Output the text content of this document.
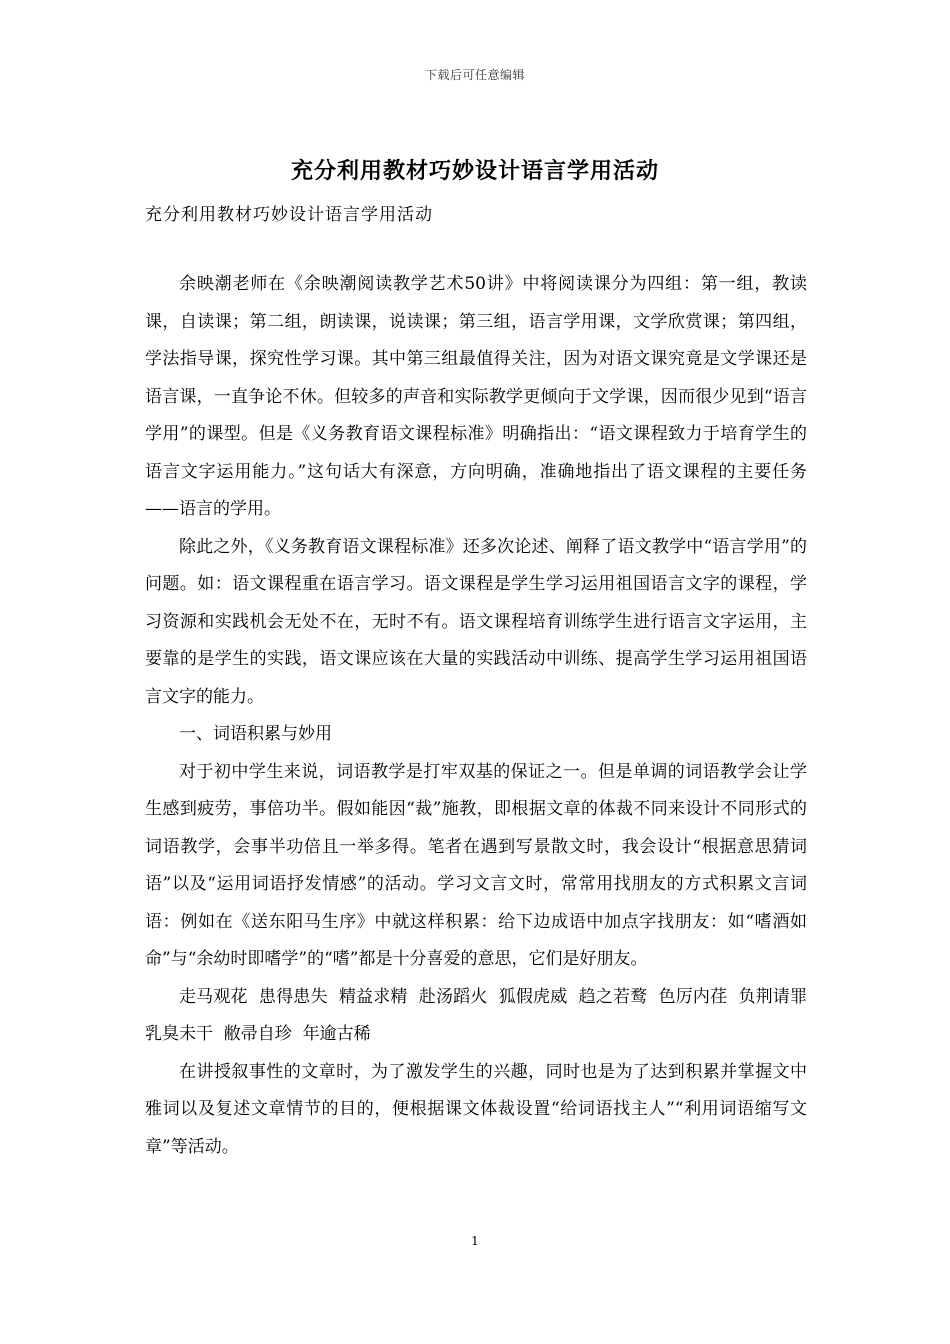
下载后可任意编辑
充分利用教材巧妙设计语言学用活动
充分利用教材巧妙设计语言学用活动

余映潮老师在《余映潮阅读教学艺术50讲》中将阅读课分为四组：第一组，教读课，自读课；第二组，朗读课，说读课；第三组，语言学用课，文学欣赏课；第四组，学法指导课，探究性学习课。其中第三组最值得关注，因为对语文课究竟是文学课还是语言课，一直争论不休。但较多的声音和实际教学更倾向于文学课，因而很少见到“语言学用”的课型。但是《义务教育语文课程标准》明确指出：“语文课程致力于培育学生的语言文字运用能力。”这句话大有深意，方向明确，准确地指出了语文课程的主要任务——语言的学用。

除此之外，《义务教育语文课程标准》还多次论述、阐释了语文教学中“语言学用”的问题。如：语文课程重在语言学习。语文课程是学生学习运用祖国语言文字的课程，学习资源和实践机会无处不在，无时不有。语文课程培育训练学生进行语言文字运用，主要靠的是学生的实践，语文课应该在大量的实践活动中训练、提高学生学习运用祖国语言文字的能力。

一、词语积累与妙用

对于初中学生来说，词语教学是打牢双基的保证之一。但是单调的词语教学会让学生感到疲劳，事倍功半。假如能因“裁”施教，即根据文章的体裁不同来设计不同形式的词语教学，会事半功倍且一举多得。笔者在遇到写景散文时，我会设计“根据意思猜词语”以及“运用词语抒发情感”的活动。学习文言文时，常常用找朋友的方式积累文言词语：例如在《送东阳马生序》中就这样积累：给下边成语中加点字找朋友：如“嗜酒如命”与“余幼时即嗜学”的“嗜”都是十分喜爱的意思，它们是好朋友。

走马观花  患得患失  精益求精  赴汤蹈火  狐假虎威  趋之若鹜  色厉内荏  负荆请罪  乳臭未干  敝帚自珍  年逾古稀

在讲授叙事性的文章时，为了激发学生的兴趣，同时也是为了达到积累并掌握文中雅词以及复述文章情节的目的，便根据课文体裁设置“给词语找主人”“利用词语缩写文章”等活动。

1
